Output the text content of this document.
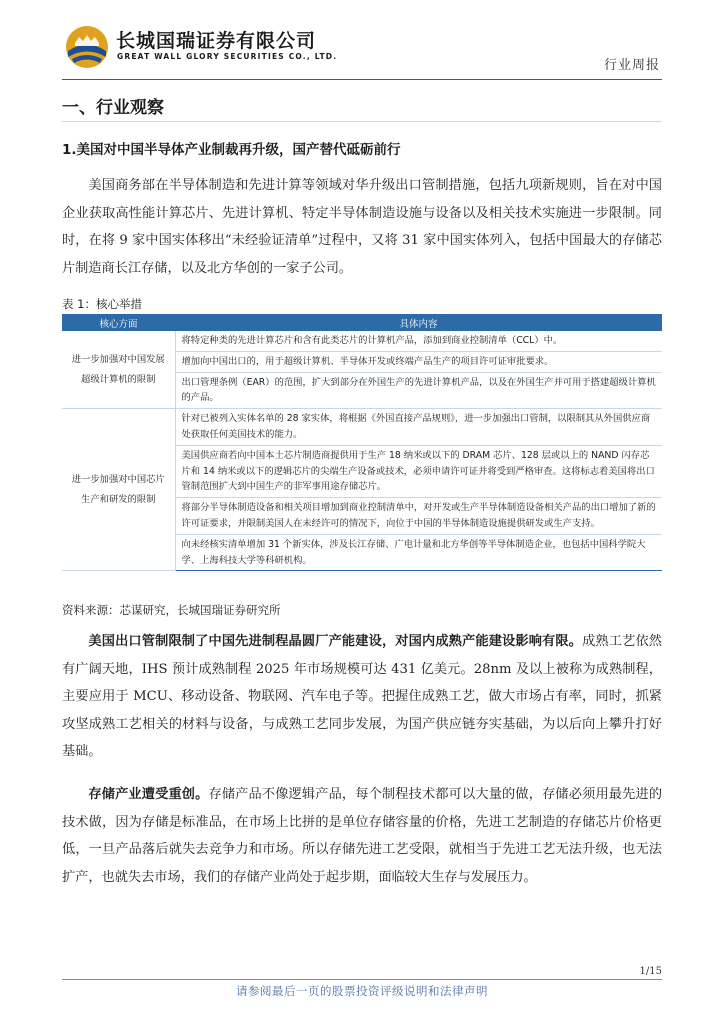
长城国瑞证券有限公司
GREAT WALL GLORY SECURITIES CO., LTD.
行业周报
一、行业观察
1.美国对中国半导体产业制裁再升级，国产替代砥砺前行

美国商务部在半导体制造和先进计算等领域对华升级出口管制措施，包括九项新规则，旨在对中国企业获取高性能计算芯片、先进计算机、特定半导体制造设施与设备以及相关技术实施进一步限制。同时，在将 9 家中国实体移出“未经验证清单”过程中，又将 31 家中国实体列入，包括中国最大的存储芯片制造商长江存储，以及北方华创的一家子公司。

表 1：核心举措
核心方面	具体内容
进一步加强对中国发展超级计算机的限制	将特定种类的先进计算芯片和含有此类芯片的计算机产品，添加到商业控制清单（CCL）中。
	增加向中国出口的，用于超级计算机、半导体开发或终端产品生产的项目许可证审批要求。
	出口管理条例（EAR）的范围，扩大到部分在外国生产的先进计算机产品，以及在外国生产并可用于搭建超级计算机的产品。
进一步加强对中国芯片生产和研发的限制	针对已被列入实体名单的 28 家实体，将根据《外国直接产品规则》，进一步加强出口管制，以限制其从外国供应商处获取任何美国技术的能力。
	美国供应商若向中国本土芯片制造商提供用于生产 18 纳米或以下的 DRAM 芯片、128 层或以上的 NAND 闪存芯片和 14 纳米或以下的逻辑芯片的尖端生产设备或技术，必须申请许可证并将受到严格审查。这将标志着美国将出口管制范围扩大到中国生产的非军事用途存储芯片。
	将部分半导体制造设备和相关项目增加到商业控制清单中，对开发或生产半导体制造设备相关产品的出口增加了新的许可证要求，并限制美国人在未经许可的情况下，向位于中国的半导体制造设施提供研发或生产支持。
	向未经核实清单增加 31 个新实体，涉及长江存储、广电计量和北方华创等半导体制造企业，也包括中国科学院大学、上海科技大学等科研机构。
资料来源：芯谋研究，长城国瑞证券研究所

美国出口管制限制了中国先进制程晶圆厂产能建设，对国内成熟产能建设影响有限。成熟工艺依然有广阔天地，IHS 预计成熟制程 2025 年市场规模可达 431 亿美元。28nm 及以上被称为成熟制程，主要应用于 MCU、移动设备、物联网、汽车电子等。把握住成熟工艺，做大市场占有率，同时，抓紧攻坚成熟工艺相关的材料与设备，与成熟工艺同步发展，为国产供应链夯实基础，为以后向上攀升打好基础。

存储产业遭受重创。存储产品不像逻辑产品，每个制程技术都可以大量的做，存储必须用最先进的技术做，因为存储是标准品，在市场上比拼的是单位存储容量的价格，先进工艺制造的存储芯片价格更低，一旦产品落后就失去竞争力和市场。所以存储先进工艺受限，就相当于先进工艺无法升级，也无法扩产，也就失去市场，我们的存储产业尚处于起步期，面临较大生存与发展压力。

1/15
请参阅最后一页的股票投资评级说明和法律声明
